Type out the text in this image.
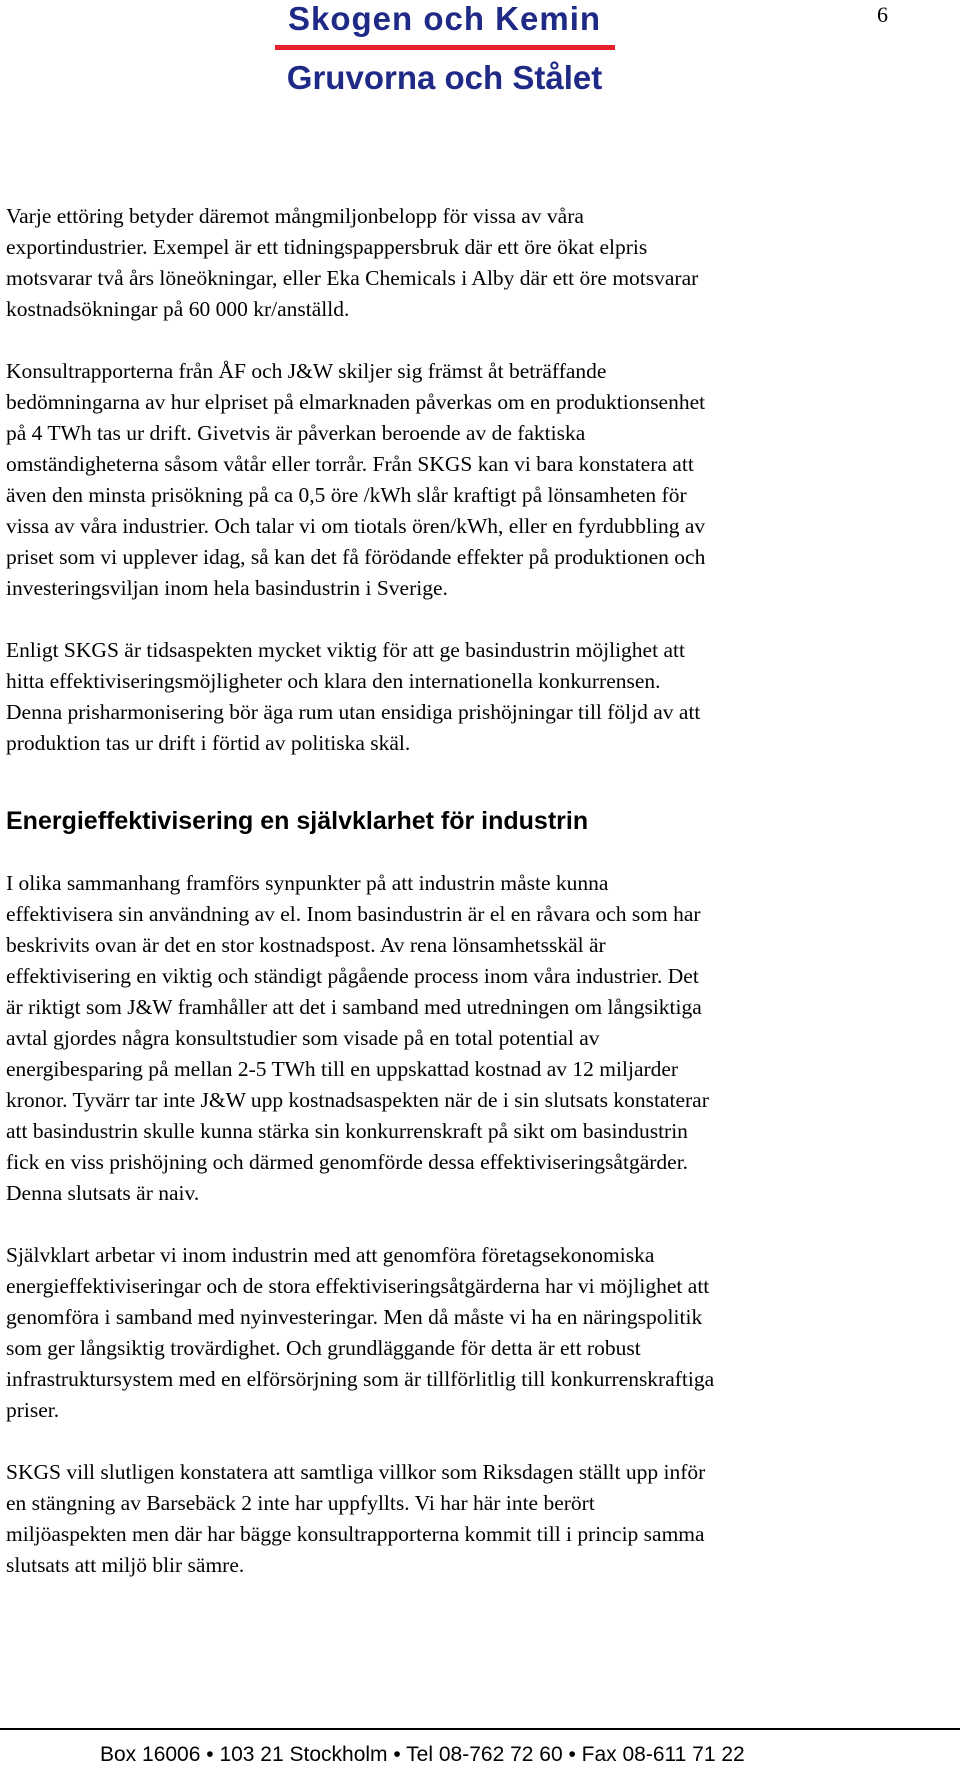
Skogen och Kemin
Gruvorna och Stålet
6

Varje ettöring betyder däremot mångmiljonbelopp för vissa av våra
exportindustrier. Exempel är ett tidningspappersbruk där ett öre ökat elpris
motsvarar två års löneökningar, eller Eka Chemicals i Alby där ett öre motsvarar
kostnadsökningar på 60 000 kr/anställd.

Konsultrapporterna från ÅF och J&W skiljer sig främst åt beträffande
bedömningarna av hur elpriset på elmarknaden påverkas om en produktionsenhet
på 4 TWh tas ur drift. Givetvis är påverkan beroende av de faktiska
omständigheterna såsom våtår eller torrår. Från SKGS kan vi bara konstatera att
även den minsta prisökning på ca 0,5 öre /kWh slår kraftigt på lönsamheten för
vissa av våra industrier. Och talar vi om tiotals ören/kWh, eller en fyrdubbling av
priset som vi upplever idag, så kan det få förödande effekter på produktionen och
investeringsviljan inom hela basindustrin i Sverige.

Enligt SKGS är tidsaspekten mycket viktig för att ge basindustrin möjlighet att
hitta effektiviseringsmöjligheter och klara den internationella konkurrensen.
Denna prisharmonisering bör äga rum utan ensidiga prishöjningar till följd av att
produktion tas ur drift i förtid av politiska skäl.

Energieffektivisering en självklarhet för industrin

I olika sammanhang framförs synpunkter på att industrin måste kunna
effektivisera sin användning av el. Inom basindustrin är el en råvara och som har
beskrivits ovan är det en stor kostnadspost. Av rena lönsamhetsskäl är
effektivisering en viktig och ständigt pågående process inom våra industrier. Det
är riktigt som J&W framhåller att det i samband med utredningen om långsiktiga
avtal gjordes några konsultstudier som visade på en total potential av
energibesparing på mellan 2-5 TWh till en uppskattad kostnad av 12 miljarder
kronor. Tyvärr tar inte J&W upp kostnadsaspekten när de i sin slutsats konstaterar
att basindustrin skulle kunna stärka sin konkurrenskraft på sikt om basindustrin
fick en viss prishöjning och därmed genomförde dessa effektiviseringsåtgärder.
Denna slutsats är naiv.

Självklart arbetar vi inom industrin med att genomföra företagsekonomiska
energieffektiviseringar och de stora effektiviseringsåtgärderna har vi möjlighet att
genomföra i samband med nyinvesteringar. Men då måste vi ha en näringspolitik
som ger långsiktig trovärdighet. Och grundläggande för detta är ett robust
infrastruktursystem med en elförsörjning som är tillförlitlig till konkurrenskraftiga
priser.

SKGS vill slutligen konstatera att samtliga villkor som Riksdagen ställt upp inför
en stängning av Barsebäck 2 inte har uppfyllts. Vi har här inte berört
miljöaspekten men där har bägge konsultrapporterna kommit till i princip samma
slutsats att miljö blir sämre.

Box 16006 • 103 21 Stockholm • Tel 08-762 72 60 • Fax 08-611 71 22
